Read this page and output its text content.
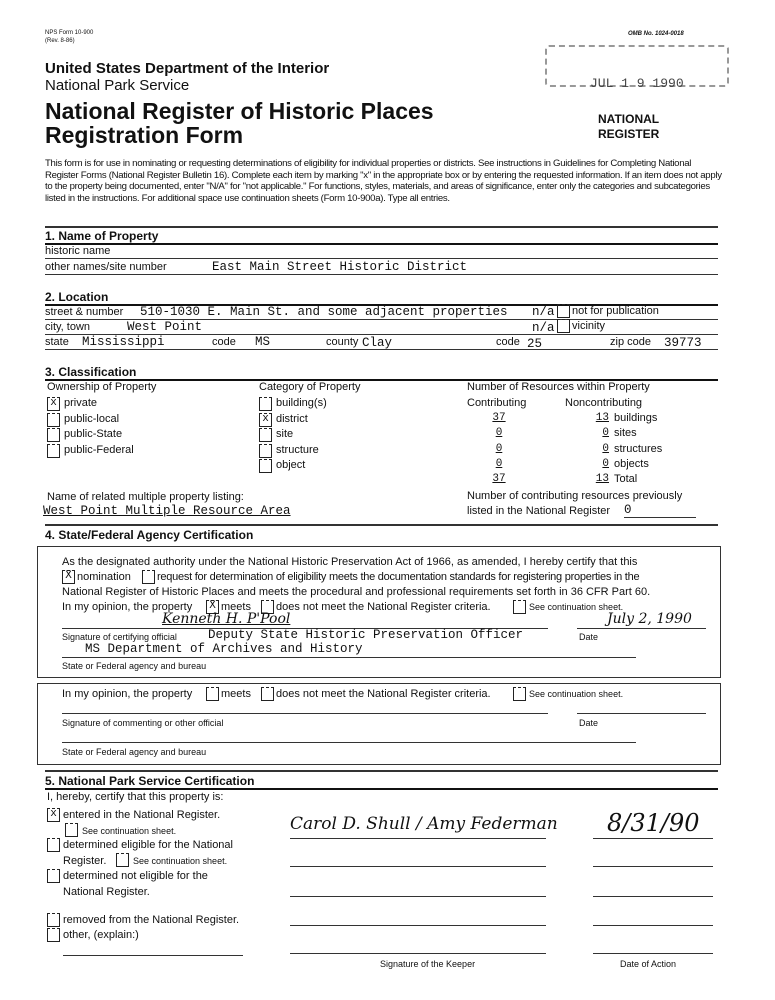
NPS Form 10-900
(Rev. 8-86)
OMB No. 1024-0018
JUL 1 9 1990
United States Department of the Interior
National Park Service
National Register of Historic Places
Registration Form
NATIONAL
REGISTER
This form is for use in nominating or requesting determinations of eligibility for individual properties or districts. See instructions in Guidelines for Completing National Register Forms (National Register Bulletin 16). Complete each item by marking "x" in the appropriate box or by entering the requested information. If an item does not apply to the property being documented, enter "N/A" for "not applicable." For functions, styles, materials, and areas of significance, enter only the categories and subcategories listed in the instructions. For additional space use continuation sheets (Form 10-900a). Type all entries.
1. Name of Property
historic name
other names/site number	East Main Street Historic District
2. Location
street & number 510-1030 E. Main St. and some adjacent properties n/a not for publication
city, town	West Point	n/a vicinity
state Mississippi	code MS	county Clay	code 25	zip code 39773
3. Classification
Ownership of Property	Category of Property	Number of Resources within Property
Contributing	Noncontributing
x private
public-local
public-State
public-Federal
building(s)
x district
site
structure
object
37	13 buildings
0	0 sites
0	0 structures
0	0 objects
37	13 Total
Name of related multiple property listing:
West Point Multiple Resource Area
Number of contributing resources previously
listed in the National Register 0
4. State/Federal Agency Certification
As the designated authority under the National Historic Preservation Act of 1966, as amended, I hereby certify that this
X nomination request for determination of eligibility meets the documentation standards for registering properties in the
National Register of Historic Places and meets the procedural and professional requirements set forth in 36 CFR Part 60.
In my opinion, the property X meets does not meet the National Register criteria.	See continuation sheet.
Kenneth H. P'Pool	July 2, 1990
Signature of certifying official Deputy State Historic Preservation Officer	Date
MS Department of Archives and History
State or Federal agency and bureau
In my opinion, the property	meets does not meet the National Register criteria.	See continuation sheet.
Signature of commenting or other official	Date
State or Federal agency and bureau
5. National Park Service Certification
I, hereby, certify that this property is:
x entered in the National Register.
See continuation sheet.
determined eligible for the National
Register.	See continuation sheet.
determined not eligible for the
National Register.
removed from the National Register.
other, (explain:)
Carol D. Shull / Amy Federman 8/31/90
Signature of the Keeper	Date of Action
